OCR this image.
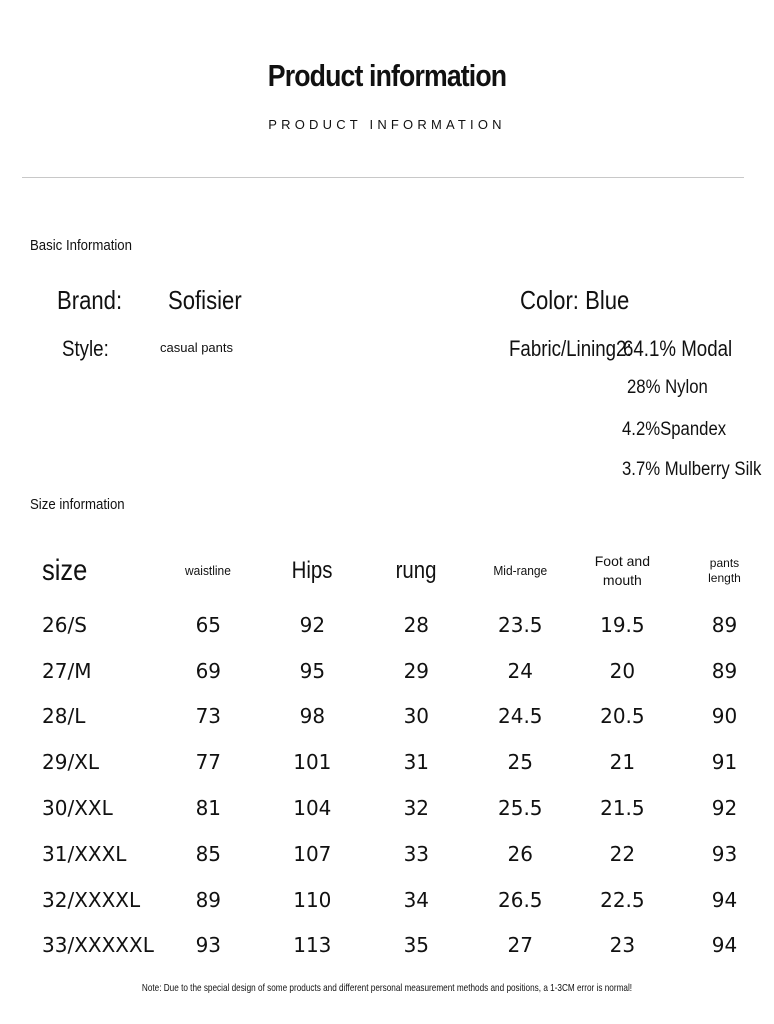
Product information
PRODUCT INFORMATION
Basic Information
Brand: Sofisier
Style:	casual pants
Color: Blue
Fabric/Lining2:
64.1% Modal
28% Nylon
4.2%Spandex
3.7% Mulberry Silk
Size information
size	waistline	Hips	rung	Mid-range	Foot and mouth	pants length
26/S	65	92	28	23.5	19.5	89
27/M	69	95	29	24	20	89
28/L	73	98	30	24.5	20.5	90
29/XL	77	101	31	25	21	91
30/XXL	81	104	32	25.5	21.5	92
31/XXXL	85	107	33	26	22	93
32/XXXXL	89	110	34	26.5	22.5	94
33/XXXXXL	93	113	35	27	23	94
Note: Due to the special design of some products and different personal measurement methods and positions, a 1-3CM error is normal!
